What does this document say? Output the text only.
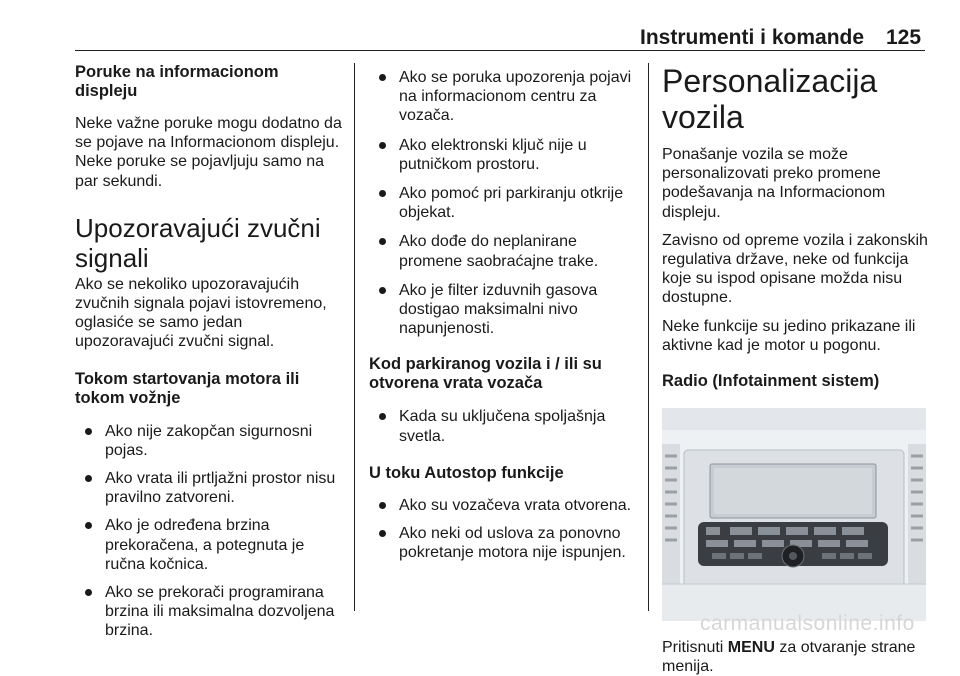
Instrumenti i komande 125

Poruke na informacionom displeju

Neke važne poruke mogu dodatno da se pojave na Informacionom displeju. Neke poruke se pojavljuju samo na par sekundi.

Upozoravajući zvučni signali

Ako se nekoliko upozoravajućih zvučnih signala pojavi istovremeno, oglasiće se samo jedan upozoravajući zvučni signal.

Tokom startovanja motora ili tokom vožnje

Ako nije zakopčan sigurnosni pojas.
Ako vrata ili prtljažni prostor nisu pravilno zatvoreni.
Ako je određena brzina prekoračena, a potegnuta je ručna kočnica.
Ako se prekorači programirana brzina ili maksimalna dozvoljena brzina.
Ako se poruka upozorenja pojavi na informacionom centru za vozača.
Ako elektronski ključ nije u putničkom prostoru.
Ako pomoć pri parkiranju otkrije objekat.
Ako dođe do neplanirane promene saobraćajne trake.
Ako je filter izduvnih gasova dostigao maksimalni nivo napunjenosti.

Kod parkiranog vozila i / ili su otvorena vrata vozača

Kada su uključena spoljašnja svetla.

U toku Autostop funkcije

Ako su vozačeva vrata otvorena.
Ako neki od uslova za ponovno pokretanje motora nije ispunjen.

Personalizacija vozila

Ponašanje vozila se može personalizovati preko promene podešavanja na Informacionom displeju.

Zavisno od opreme vozila i zakonskih regulativa države, neke od funkcija koje su ispod opisane možda nisu dostupne.

Neke funkcije su jedino prikazane ili aktivne kad je motor u pogonu.

Radio (Infotainment sistem)

Pritisnuti MENU za otvaranje strane menija.

carmanualsonline.info
